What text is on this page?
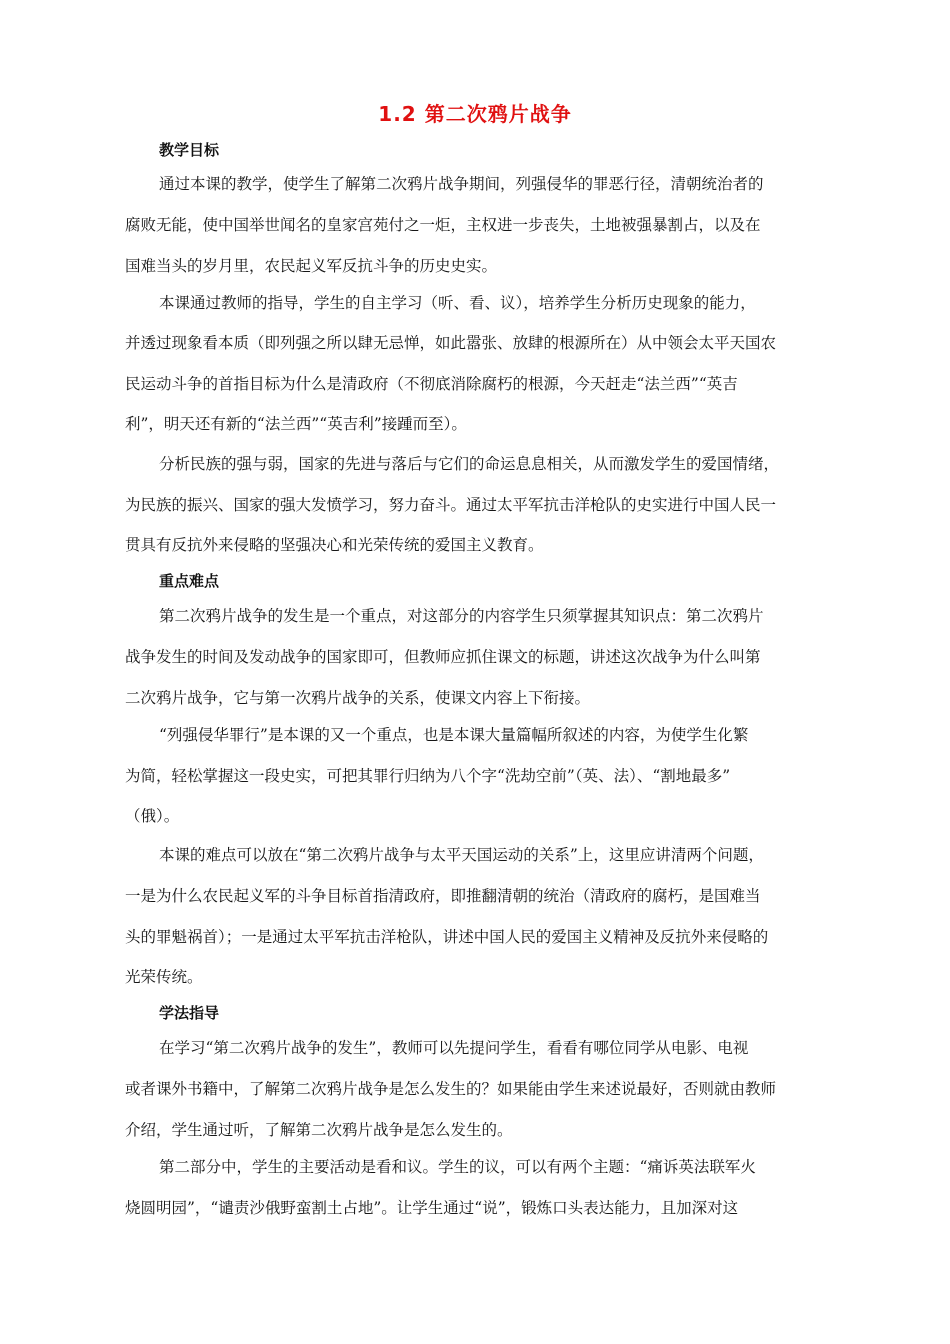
1.2 第二次鸦片战争
教学目标
通过本课的教学，使学生了解第二次鸦片战争期间，列强侵华的罪恶行径，清朝统治者的
腐败无能，使中国举世闻名的皇家宫苑付之一炬，主权进一步丧失，土地被强暴割占，以及在
国难当头的岁月里，农民起义军反抗斗争的历史史实。
本课通过教师的指导，学生的自主学习（听、看、议），培养学生分析历史现象的能力，
并透过现象看本质（即列强之所以肆无忌惮，如此嚣张、放肆的根源所在）从中领会太平天国农
民运动斗争的首指目标为什么是清政府（不彻底消除腐朽的根源，今天赶走“法兰西”“英吉
利”，明天还有新的“法兰西”“英吉利”接踵而至）。
分析民族的强与弱，国家的先进与落后与它们的命运息息相关，从而激发学生的爱国情绪，
为民族的振兴、国家的强大发愤学习，努力奋斗。通过太平军抗击洋枪队的史实进行中国人民一
贯具有反抗外来侵略的坚强决心和光荣传统的爱国主义教育。
重点难点
第二次鸦片战争的发生是一个重点，对这部分的内容学生只须掌握其知识点：第二次鸦片
战争发生的时间及发动战争的国家即可，但教师应抓住课文的标题，讲述这次战争为什么叫第
二次鸦片战争，它与第一次鸦片战争的关系，使课文内容上下衔接。
“列强侵华罪行”是本课的又一个重点，也是本课大量篇幅所叙述的内容，为使学生化繁
为简，轻松掌握这一段史实，可把其罪行归纳为八个字“洗劫空前”（英、法）、“割地最多”
（俄）。
本课的难点可以放在“第二次鸦片战争与太平天国运动的关系”上，这里应讲清两个问题，
一是为什么农民起义军的斗争目标首指清政府，即推翻清朝的统治（清政府的腐朽，是国难当
头的罪魁祸首）；一是通过太平军抗击洋枪队，讲述中国人民的爱国主义精神及反抗外来侵略的
光荣传统。
学法指导
在学习“第二次鸦片战争的发生”，教师可以先提问学生，看看有哪位同学从电影、电视
或者课外书籍中，了解第二次鸦片战争是怎么发生的？如果能由学生来述说最好，否则就由教师
介绍，学生通过听，了解第二次鸦片战争是怎么发生的。
第二部分中，学生的主要活动是看和议。学生的议，可以有两个主题：“痛诉英法联军火
烧圆明园”，“谴责沙俄野蛮割土占地”。让学生通过“说”，锻炼口头表达能力，且加深对这
